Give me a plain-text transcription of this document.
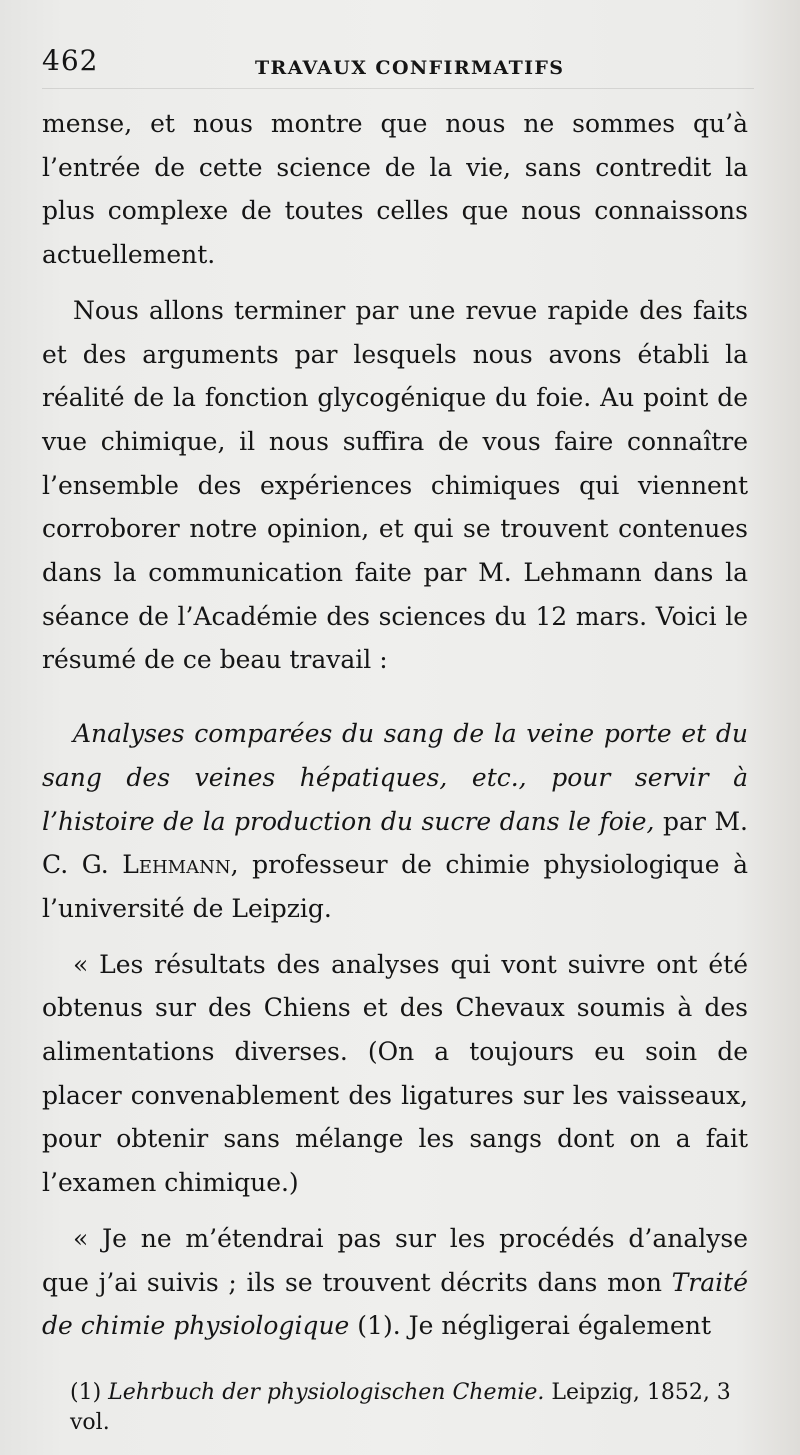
462	TRAVAUX CONFIRMATIFS

mense, et nous montre que nous ne sommes qu’à l’entrée de cette science de la vie, sans contredit la plus complexe de toutes celles que nous connaissons actuellement.

Nous allons terminer par une revue rapide des faits et des arguments par lesquels nous avons établi la réalité de la fonction glycogénique du foie. Au point de vue chimique, il nous suffira de vous faire connaître l’ensemble des expériences chimiques qui viennent corroborer notre opinion, et qui se trouvent contenues dans la communication faite par M. Lehmann dans la séance de l’Académie des sciences du 12 mars. Voici le résumé de ce beau travail :

Analyses comparées du sang de la veine porte et du sang des veines hépatiques, etc., pour servir à l’histoire de la production du sucre dans le foie, par M. C. G. Lehmann, professeur de chimie physiologique à l’université de Leipzig.

« Les résultats des analyses qui vont suivre ont été obtenus sur des Chiens et des Chevaux soumis à des alimentations diverses. (On a toujours eu soin de placer convenablement des ligatures sur les vaisseaux, pour obtenir sans mélange les sangs dont on a fait l’examen chimique.)

« Je ne m’étendrai pas sur les procédés d’analyse que j’ai suivis ; ils se trouvent décrits dans mon Traité de chimie physiologique (1). Je négligerai également

(1) Lehrbuch der physiologischen Chemie. Leipzig, 1852, 3 vol.
